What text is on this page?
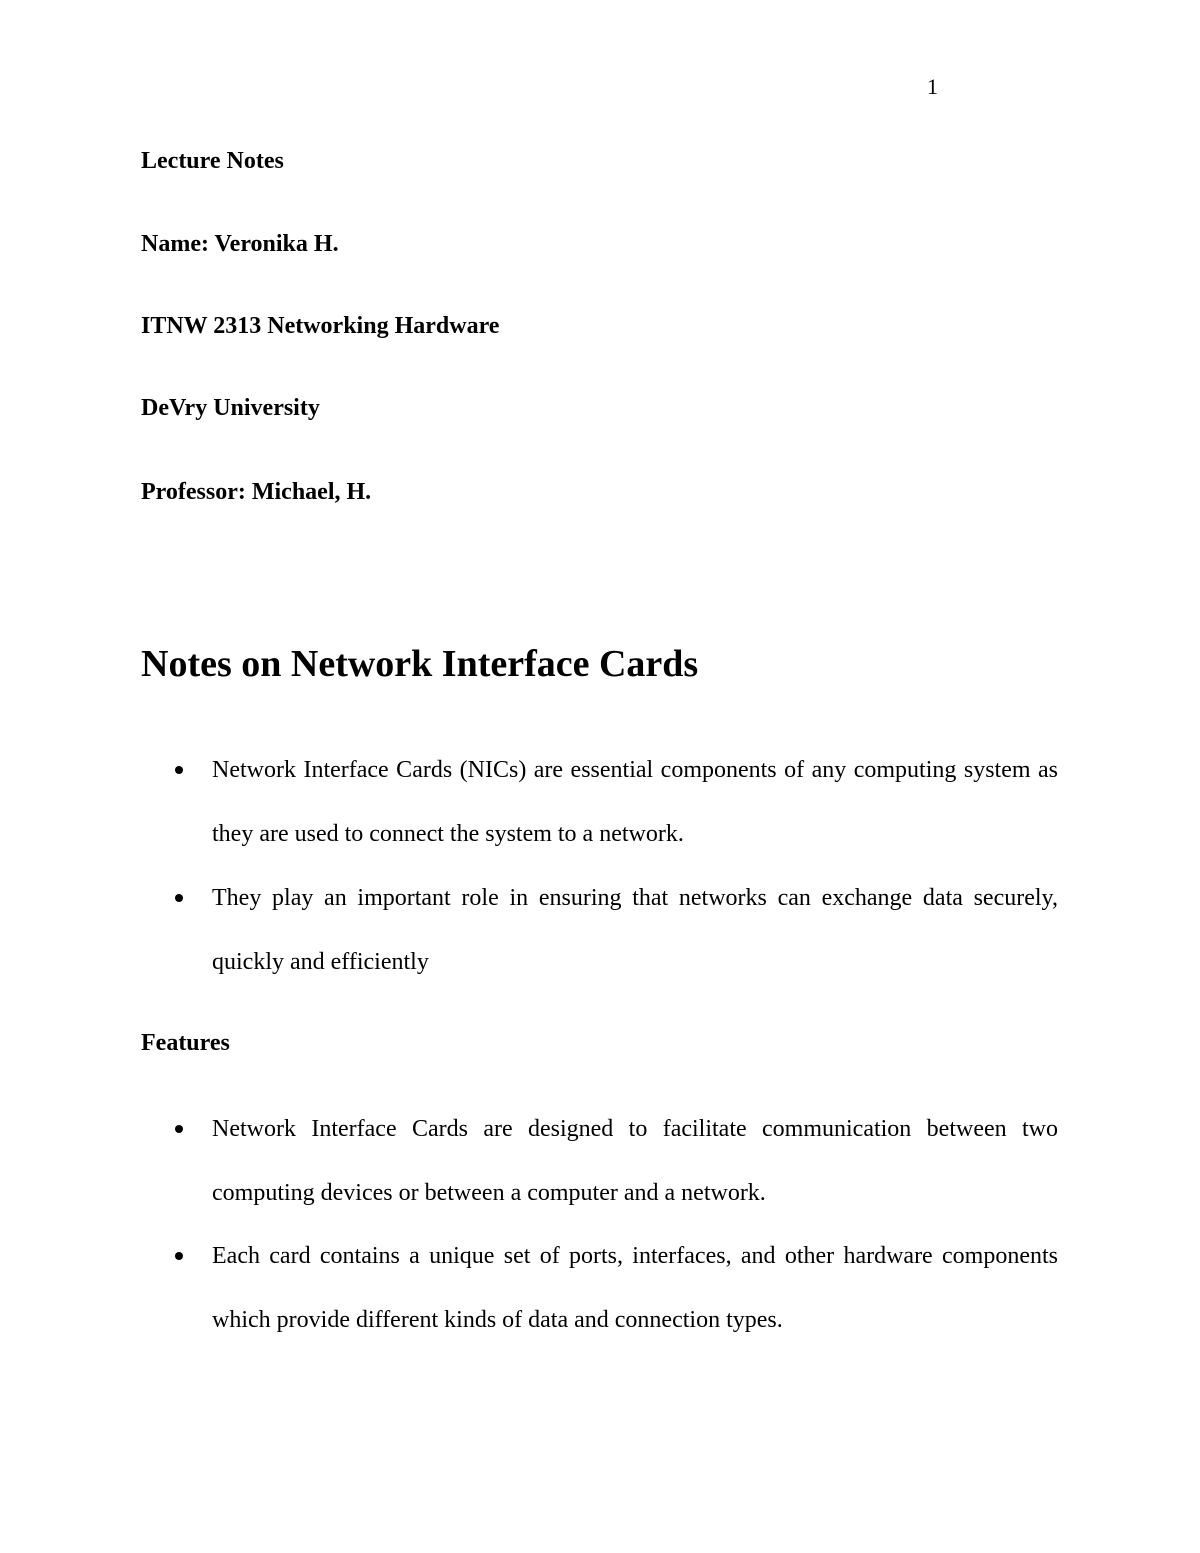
1
Lecture Notes
Name: Veronika H.
ITNW 2313 Networking Hardware
DeVry University
Professor: Michael, H.
Notes on Network Interface Cards
Network Interface Cards (NICs) are essential components of any computing system as they are used to connect the system to a network.
They play an important role in ensuring that networks can exchange data securely, quickly and efficiently
Features
Network Interface Cards are designed to facilitate communication between two computing devices or between a computer and a network.
Each card contains a unique set of ports, interfaces, and other hardware components which provide different kinds of data and connection types.
